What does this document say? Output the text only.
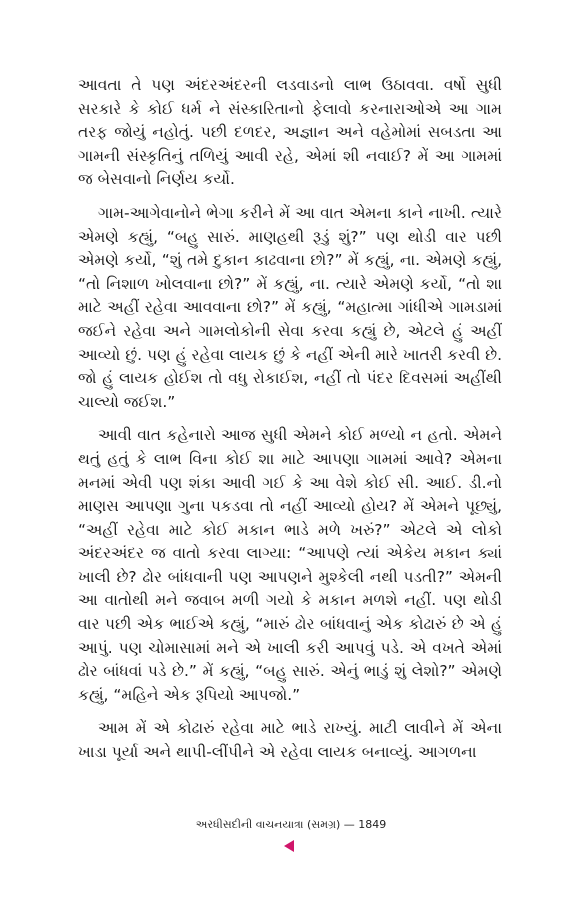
આવતા તે પણ અંદરઅંદરની લડવાડનો લાભ ઉઠાવવા. વર્ષો સુધી સરકારે કે કોઈ ધર્મ ને સંસ્કારિતાનો ફેલાવો કરનારાઓએ આ ગામ તરફ જોયું નહોતું. પછી દળદર, અજ્ઞાન અને વહેમોમાં સબડતા આ ગામની સંસ્કૃતિનું તળિયું આવી રહે, એમાં શી નવાઈ? મેં આ ગામમાં જ બેસવાનો નિર્ણય કર્યો.

ગામ-આગેવાનોને ભેગા કરીને મેં આ વાત એમના કાને નાખી. ત્યારે એમણે કહ્યું, “બહુ સારું. માણહથી રૂડું શું?” પણ થોડી વાર પછી એમણે કર્યો, “શું તમે દુકાન કાઢવાના છો?” મેં કહ્યું, ના. એમણે કહ્યું, “તો નિશાળ ખોલવાના છો?” મેં કહ્યું, ના. ત્યારે એમણે કર્યો, “તો શા માટે અહીં રહેવા આવવાના છો?” મેં કહ્યું, “મહાત્મા ગાંધીએ ગામડામાં જઈને રહેવા અને ગામલોકોની સેવા કરવા કહ્યું છે, એટલે હું અહીં આવ્યો છું. પણ હું રહેવા લાયક છું કે નહીં એની મારે ખાતરી કરવી છે. જો હું લાયક હોઈશ તો વધુ રોકાઈશ, નહીં તો પંદર દિવસમાં અહીંથી ચાલ્યો જઈશ.”

આવી વાત કહેનારો આજ સુધી એમને કોઈ મળ્યો ન હતો. એમને થતું હતું કે લાભ વિના કોઈ શા માટે આપણા ગામમાં આવે? એમના મનમાં એવી પણ શંકા આવી ગઈ કે આ વેશે કોઈ સી. આઈ. ડી.નો માણસ આપણા ગુના પકડવા તો નહીં આવ્યો હોય? મેં એમને પૂછ્યું, “અહીં રહેવા માટે કોઈ મકાન ભાડે મળે ખરું?” એટલે એ લોકો અંદરઅંદર જ વાતો કરવા લાગ્યા: “આપણે ત્યાં એકેય મકાન ક્યાં ખાલી છે? ઢોર બાંધવાની પણ આપણને મુશ્કેલી નથી પડતી?” એમની આ વાતોથી મને જવાબ મળી ગયો કે મકાન મળશે નહીં. પણ થોડી વાર પછી એક ભાઈએ કહ્યું, “મારું ઢોર બાંધવાનું એક કોઢારું છે એ હું આપું. પણ ચોમાસામાં મને એ ખાલી કરી આપવું પડે. એ વખતે એમાં ઢોર બાંધવાં પડે છે.” મેં કહ્યું, “બહુ સારું. એનું ભાડું શું લેશો?” એમણે કહ્યું, “મહિને એક રૂપિયો આપજો.”

આમ મેં એ કોઢારું રહેવા માટે ભાડે રાખ્યું. માટી લાવીને મેં એના ખાડા પૂર્યા અને થાપી-લીંપીને એ રહેવા લાયક બનાવ્યું. આગળના

અરધીસદીની વાચનયાત્રા (સમગ્ર) — 1849
